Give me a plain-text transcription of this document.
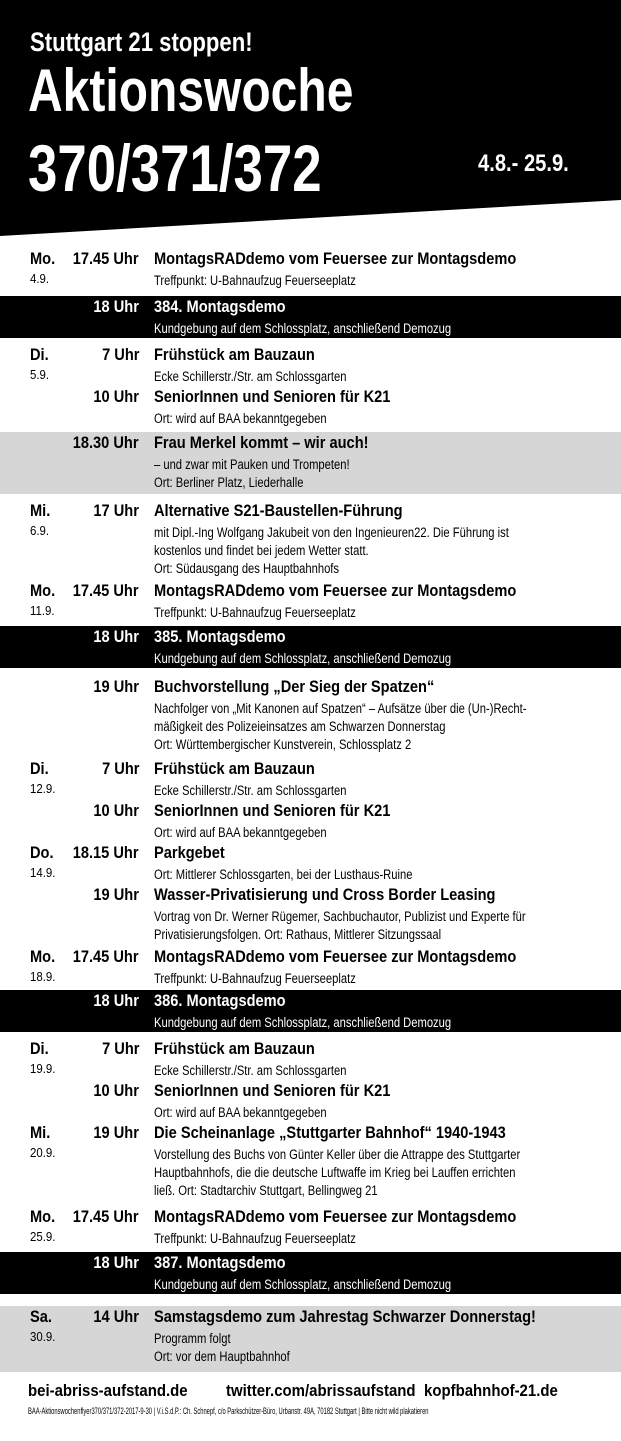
Stuttgart 21 stoppen!
Aktionswoche
370/371/372	4.8.- 25.9.
Mo.
4.9.
17.45 Uhr MontagsRADdemo vom Feuersee zur Montagsdemo
Treffpunkt: U-Bahnaufzug Feuerseeplatz
18 Uhr 384. Montagsdemo
Kundgebung auf dem Schlossplatz, anschließend Demozug
Di.
5.9.
7 Uhr Frühstück am Bauzaun
Ecke Schillerstr./Str. am Schlossgarten
10 Uhr SeniorInnen und Senioren für K21
Ort: wird auf BAA bekanntgegeben
18.30 Uhr Frau Merkel kommt – wir auch!
– und zwar mit Pauken und Trompeten!
Ort: Berliner Platz, Liederhalle
Mi.
6.9.
17 Uhr Alternative S21-Baustellen-Führung
mit Dipl.-Ing Wolfgang Jakubeit von den Ingenieuren22. Die Führung ist
kostenlos und findet bei jedem Wetter statt.
Ort: Südausgang des Hauptbahnhofs
Mo.
11.9.
17.45 Uhr MontagsRADdemo vom Feuersee zur Montagsdemo
Treffpunkt: U-Bahnaufzug Feuerseeplatz
18 Uhr 385. Montagsdemo
Kundgebung auf dem Schlossplatz, anschließend Demozug
19 Uhr Buchvorstellung „Der Sieg der Spatzen“
Nachfolger von „Mit Kanonen auf Spatzen“ – Aufsätze über die (Un-)Recht-
mäßigkeit des Polizeieinsatzes am Schwarzen Donnerstag
Ort: Württembergischer Kunstverein, Schlossplatz 2
Di.
12.9.
7 Uhr Frühstück am Bauzaun
Ecke Schillerstr./Str. am Schlossgarten
10 Uhr SeniorInnen und Senioren für K21
Ort: wird auf BAA bekanntgegeben
Do.
14.9.
18.15 Uhr Parkgebet
Ort: Mittlerer Schlossgarten, bei der Lusthaus-Ruine
19 Uhr Wasser-Privatisierung und Cross Border Leasing
Vortrag von Dr. Werner Rügemer, Sachbuchautor, Publizist und Experte für
Privatisierungsfolgen. Ort: Rathaus, Mittlerer Sitzungssaal
Mo.
18.9.
17.45 Uhr MontagsRADdemo vom Feuersee zur Montagsdemo
Treffpunkt: U-Bahnaufzug Feuerseeplatz
18 Uhr 386. Montagsdemo
Kundgebung auf dem Schlossplatz, anschließend Demozug
Di.
19.9.
7 Uhr Frühstück am Bauzaun
Ecke Schillerstr./Str. am Schlossgarten
10 Uhr SeniorInnen und Senioren für K21
Ort: wird auf BAA bekanntgegeben
Mi.
20.9.
19 Uhr Die Scheinanlage „Stuttgarter Bahnhof“ 1940-1943
Vorstellung des Buchs von Günter Keller über die Attrappe des Stuttgarter
Hauptbahnhofs, die die deutsche Luftwaffe im Krieg bei Lauffen errichten
ließ. Ort: Stadtarchiv Stuttgart, Bellingweg 21
Mo.
25.9.
17.45 Uhr MontagsRADdemo vom Feuersee zur Montagsdemo
Treffpunkt: U-Bahnaufzug Feuerseeplatz
18 Uhr 387. Montagsdemo
Kundgebung auf dem Schlossplatz, anschließend Demozug
Sa.
30.9.
14 Uhr Samstagsdemo zum Jahrestag Schwarzer Donnerstag!
Programm folgt
Ort: vor dem Hauptbahnhof
bei-abriss-aufstand.de twitter.com/abrissaufstand kopfbahnhof-21.de
BAA-Aktionswochenflyer370/371/372-2017-9-30 | V.i.S.d.P.: Ch. Schnepf, c/o Parkschützer-Büro, Urbanstr. 49A, 70182 Stuttgart | Bitte nicht wild plakatieren
